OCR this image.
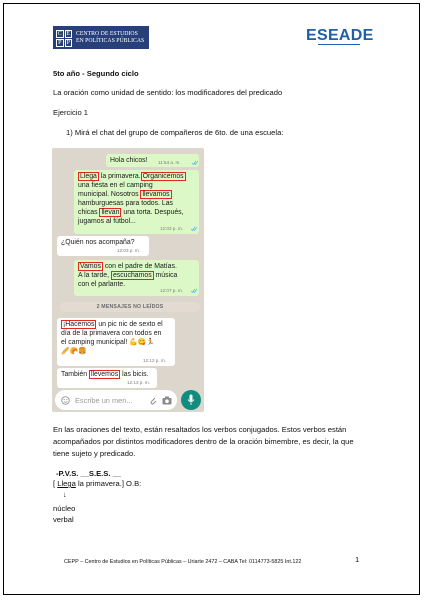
C E
P P
CENTRO DE ESTUDIOS
EN POLÍTICAS PÚBLICAS	ESEADE
5to año - Segundo ciclo
La oración como unidad de sentido: los modificadores del predicado
Ejercicio 1
1) Mirá el chat del grupo de compañeros de 6to. de una escuela:
Hola chicos! 11:54 a. m.
Llega la primavera. Organicemos
una fiesta en el camping
municipal. Nosotros llevamos
hamburguesas para todos. Las
chicas llevan una torta. Después,
jugamos al fútbol...
12:03 p. m.
¿Quién nos acompaña?
12:03 p. m.
Vamos con el padre de Matías.
A la tarde, escuchamos música
con el parlante.
12:07 p. m.
2 MENSAJES NO LEÍDOS
¡Hacemos un pic nic de sexto el
día de la primavera con todos en
el camping municipal! 💪😋🏃
🥖🥐🍔
12:12 p. m.
También llevemos las bicis.
12:13 p. m.
Escribe un men...
En las oraciones del texto, están resaltados los verbos conjugados. Estos verbos están
acompañados por distintos modificadores dentro de la oración bimembre, es decir, la que
tiene sujeto y predicado.
-P.V.S. __S.E.S. __
[ Llega la primavera.] O.B:
↓
núcleo
verbal
CEPP – Centro de Estudios en Políticas Públicas – Uriarte 2472 – CABA Tel: 0114773-5825 Int.122	1
